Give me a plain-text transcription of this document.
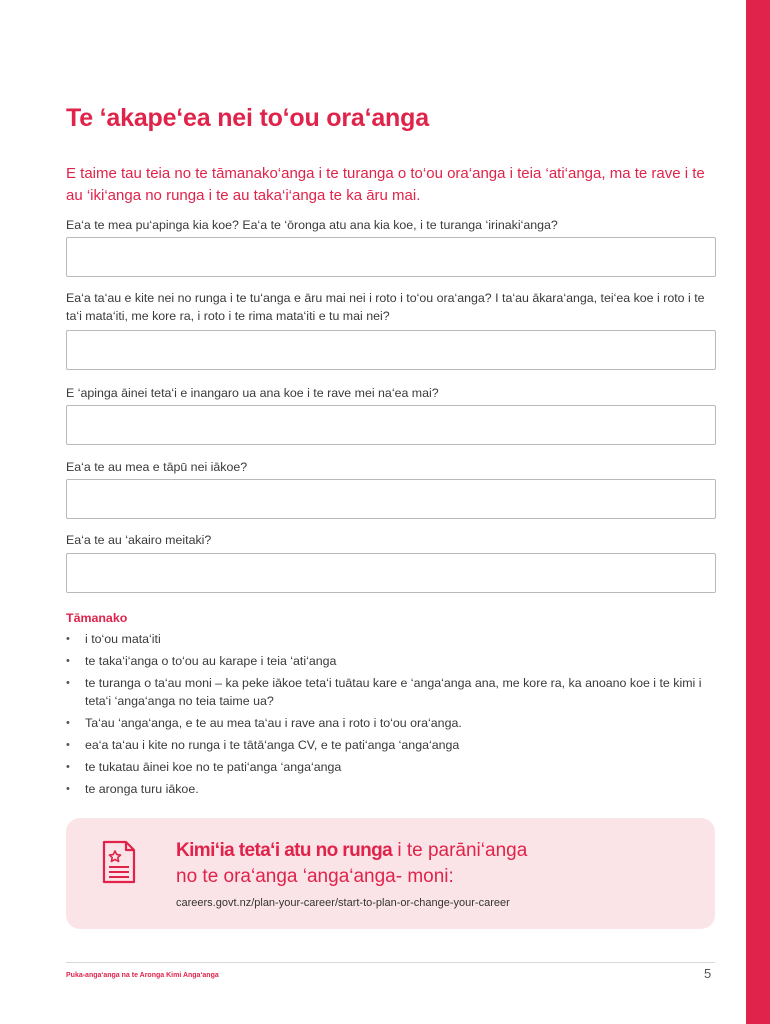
Te ‘akape‘ea nei to‘ou ora‘anga

E taime tau teia no te tāmanako‘anga i te turanga o to‘ou ora‘anga i teia ‘ati‘anga, ma te rave i te au ‘iki‘anga no runga i te au taka‘i‘anga te ka āru mai.

Ea‘a te mea pu‘apinga kia koe? Ea‘a te ‘ōronga atu ana kia koe, i te turanga ‘irinaki‘anga?

Ea‘a ta‘au e kite nei no runga i te tu‘anga e āru mai nei i roto i to‘ou ora‘anga? I ta‘au ākara‘anga, tei‘ea koe i roto i te ta‘i mata‘iti, me kore ra, i roto i te rima mata‘iti e tu mai nei?

E ‘apinga āinei teta‘i e inangaro ua ana koe i te rave mei na‘ea mai?

Ea‘a te au mea e tāpū nei iākoe?

Ea‘a te au ‘akairo meitaki?

Tāmanako
• i to‘ou mata‘iti
• te taka‘i‘anga o to‘ou au karape i teia ‘ati‘anga
• te turanga o ta‘au moni – ka peke iākoe teta‘i tuātau kare e ‘anga‘anga ana, me kore ra, ka anoano koe i te kimi i teta‘i ‘anga‘anga no teia taime ua?
• Ta‘au ‘anga‘anga, e te au mea ta‘au i rave ana i roto i to‘ou ora‘anga.
• ea‘a ta‘au i kite no runga i te tātā‘anga CV, e te pati‘anga ‘anga‘anga
• te tukatau āinei koe no te pati‘anga ‘anga‘anga
• te aronga turu iākoe.

Kimi‘ia teta‘i atu no runga i te parāni‘anga

no te ora‘anga ‘anga‘anga- moni:

careers.govt.nz/plan-your-career/start-to-plan-or-change-your-career

Puka-anga‘anga na te Aronga Kimi Anga‘anga	5
